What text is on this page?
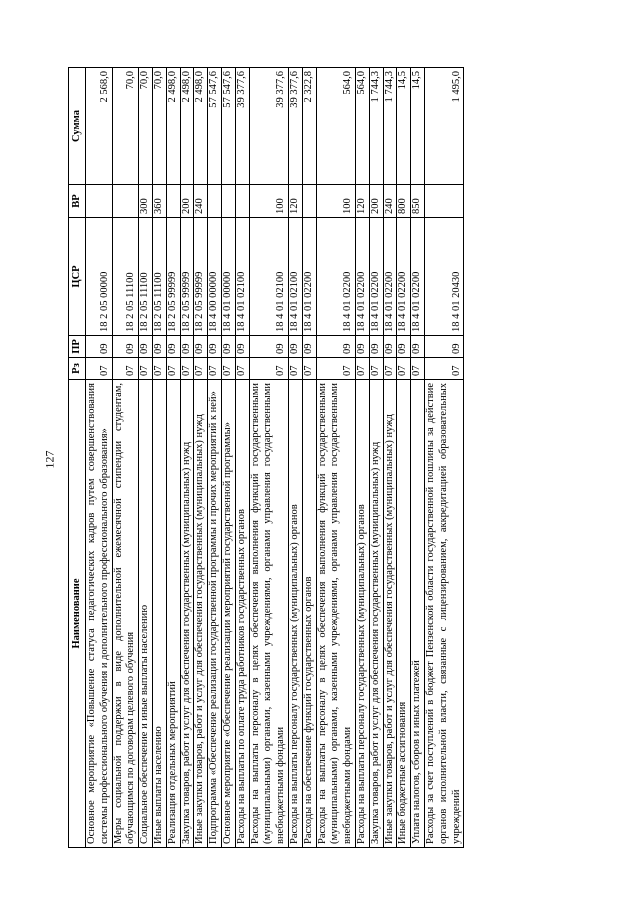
127
Наименование	Рз	ПР	ЦСР	ВР	Сумма
Основное мероприятие «Повышение статуса педагогических кадров путем совершенствования системы профессионального обучения и дополнительного профессионального образования»	07	09	18 2 05 00000		2 568,0
Меры социальной поддержки в виде дополнительной ежемесячной стипендии студентам, обучающимся по договорам целевого обучения	07	09	18 2 05 11100		70,0
Социальное обеспечение и иные выплаты населению	07	09	18 2 05 11100	300	70,0
Иные выплаты населению	07	09	18 2 05 11100	360	70,0
Реализация отдельных мероприятий	07	09	18 2 05 99999		2 498,0
Закупка товаров, работ и услуг для обеспечения государственных (муниципальных) нужд	07	09	18 2 05 99999	200	2 498,0
Иные закупки товаров, работ и услуг для обеспечения государственных (муниципальных) нужд	07	09	18 2 05 99999	240	2 498,0
Подпрограмма «Обеспечение реализации государственной программы и прочих мероприятий к ней»	07	09	18 4 00 00000		57 547,6
Основное мероприятие «Обеспечение реализации мероприятий государственной программы»	07	09	18 4 01 00000		57 547,6
Расходы на выплаты по оплате труда работников государственных органов	07	09	18 4 01 02100		39 377,6
Расходы на выплаты персоналу в целях обеспечения выполнения функций государственными (муниципальными) органами, казенными учреждениями, органами управления государственными внебюджетными фондами	07	09	18 4 01 02100	100	39 377,6
Расходы на выплаты персоналу государственных (муниципальных) органов	07	09	18 4 01 02100	120	39 377,6
Расходы на обеспечение функций государственных органов	07	09	18 4 01 02200		2 322,8
Расходы на выплаты персоналу в целях обеспечения выполнения функций государственными (муниципальными) органами, казенными учреждениями, органами управления государственными внебюджетными фондами	07	09	18 4 01 02200	100	564,0
Расходы на выплаты персоналу государственных (муниципальных) органов	07	09	18 4 01 02200	120	564,0
Закупка товаров, работ и услуг для обеспечения государственных (муниципальных) нужд	07	09	18 4 01 02200	200	1 744,3
Иные закупки товаров, работ и услуг для обеспечения государственных (муниципальных) нужд	07	09	18 4 01 02200	240	1 744,3
Иные бюджетные ассигнования	07	09	18 4 01 02200	800	14,5
Уплата налогов, сборов и иных платежей	07	09	18 4 01 02200	850	14,5
Расходы за счет поступлений в бюджет Пензенской области государственной пошлины за действие органов исполнительной власти, связанные с лицензированием, аккредитацией образовательных учреждений	07	09	18 4 01 20430		1 495,0
